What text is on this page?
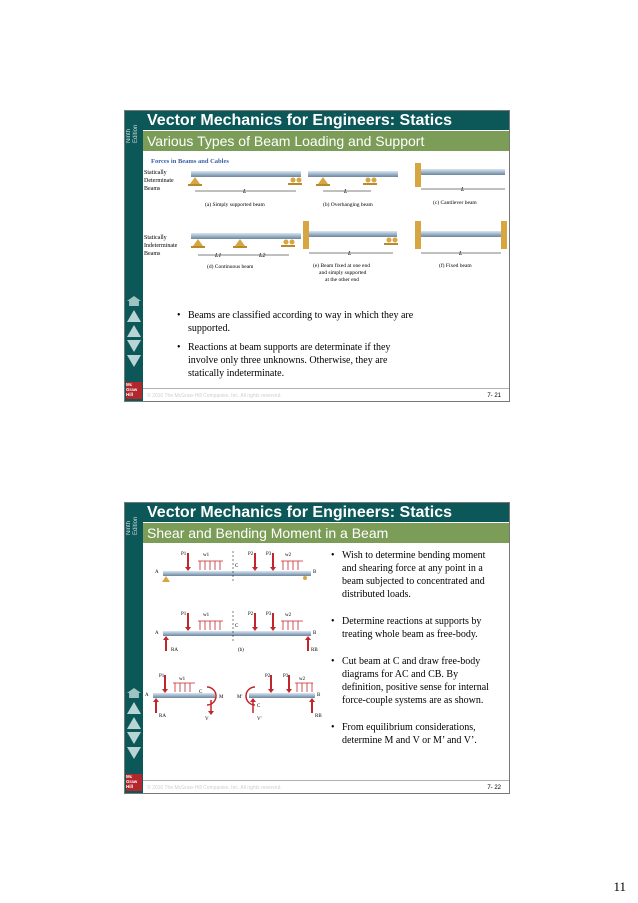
Ninth Edition
Mc Graw Hill
Vector Mechanics for Engineers: Statics
Various Types of Beam Loading and Support
Forces in Beams and Cables
Statically
Determinate
Beams
Statically
Indeterminate
Beams
L
(a) Simply supported beam
L
(b) Overhanging beam
L
(c) Cantilever beam
L1	L2
(d) Continuous beam
L
(e) Beam fixed at one end
and simply supported
at the other end
L
(f) Fixed beam
• Beams are classified according to way in which they are
supported.
• Reactions at beam supports are determinate if they
involve only three unknowns. Otherwise, they are
statically indeterminate.
© 2010 The McGraw-Hill Companies, Inc. All rights reserved.	7- 21
Ninth Edition
Mc Graw Hill
Vector Mechanics for Engineers: Statics
Shear and Bending Moment in a Beam
P1	w1	P2	P3	w2
C
A	B
P1	w1	P2	P3	w2
C
A	B
RA	RB
(b)
P1
w1
A
C
M	M'
C
P2	P3
w2
B
RA
V	V'
RB
• Wish to determine bending moment
and shearing force at any point in a
beam subjected to concentrated and
distributed loads.
• Determine reactions at supports by
treating whole beam as free-body.
• Cut beam at C and draw free-body
diagrams for AC and CB. By
definition, positive sense for internal
force-couple systems are as shown.
• From equilibrium considerations,
determine M and V or M’ and V’.
© 2010 The McGraw-Hill Companies, Inc. All rights reserved.	7- 22
11
